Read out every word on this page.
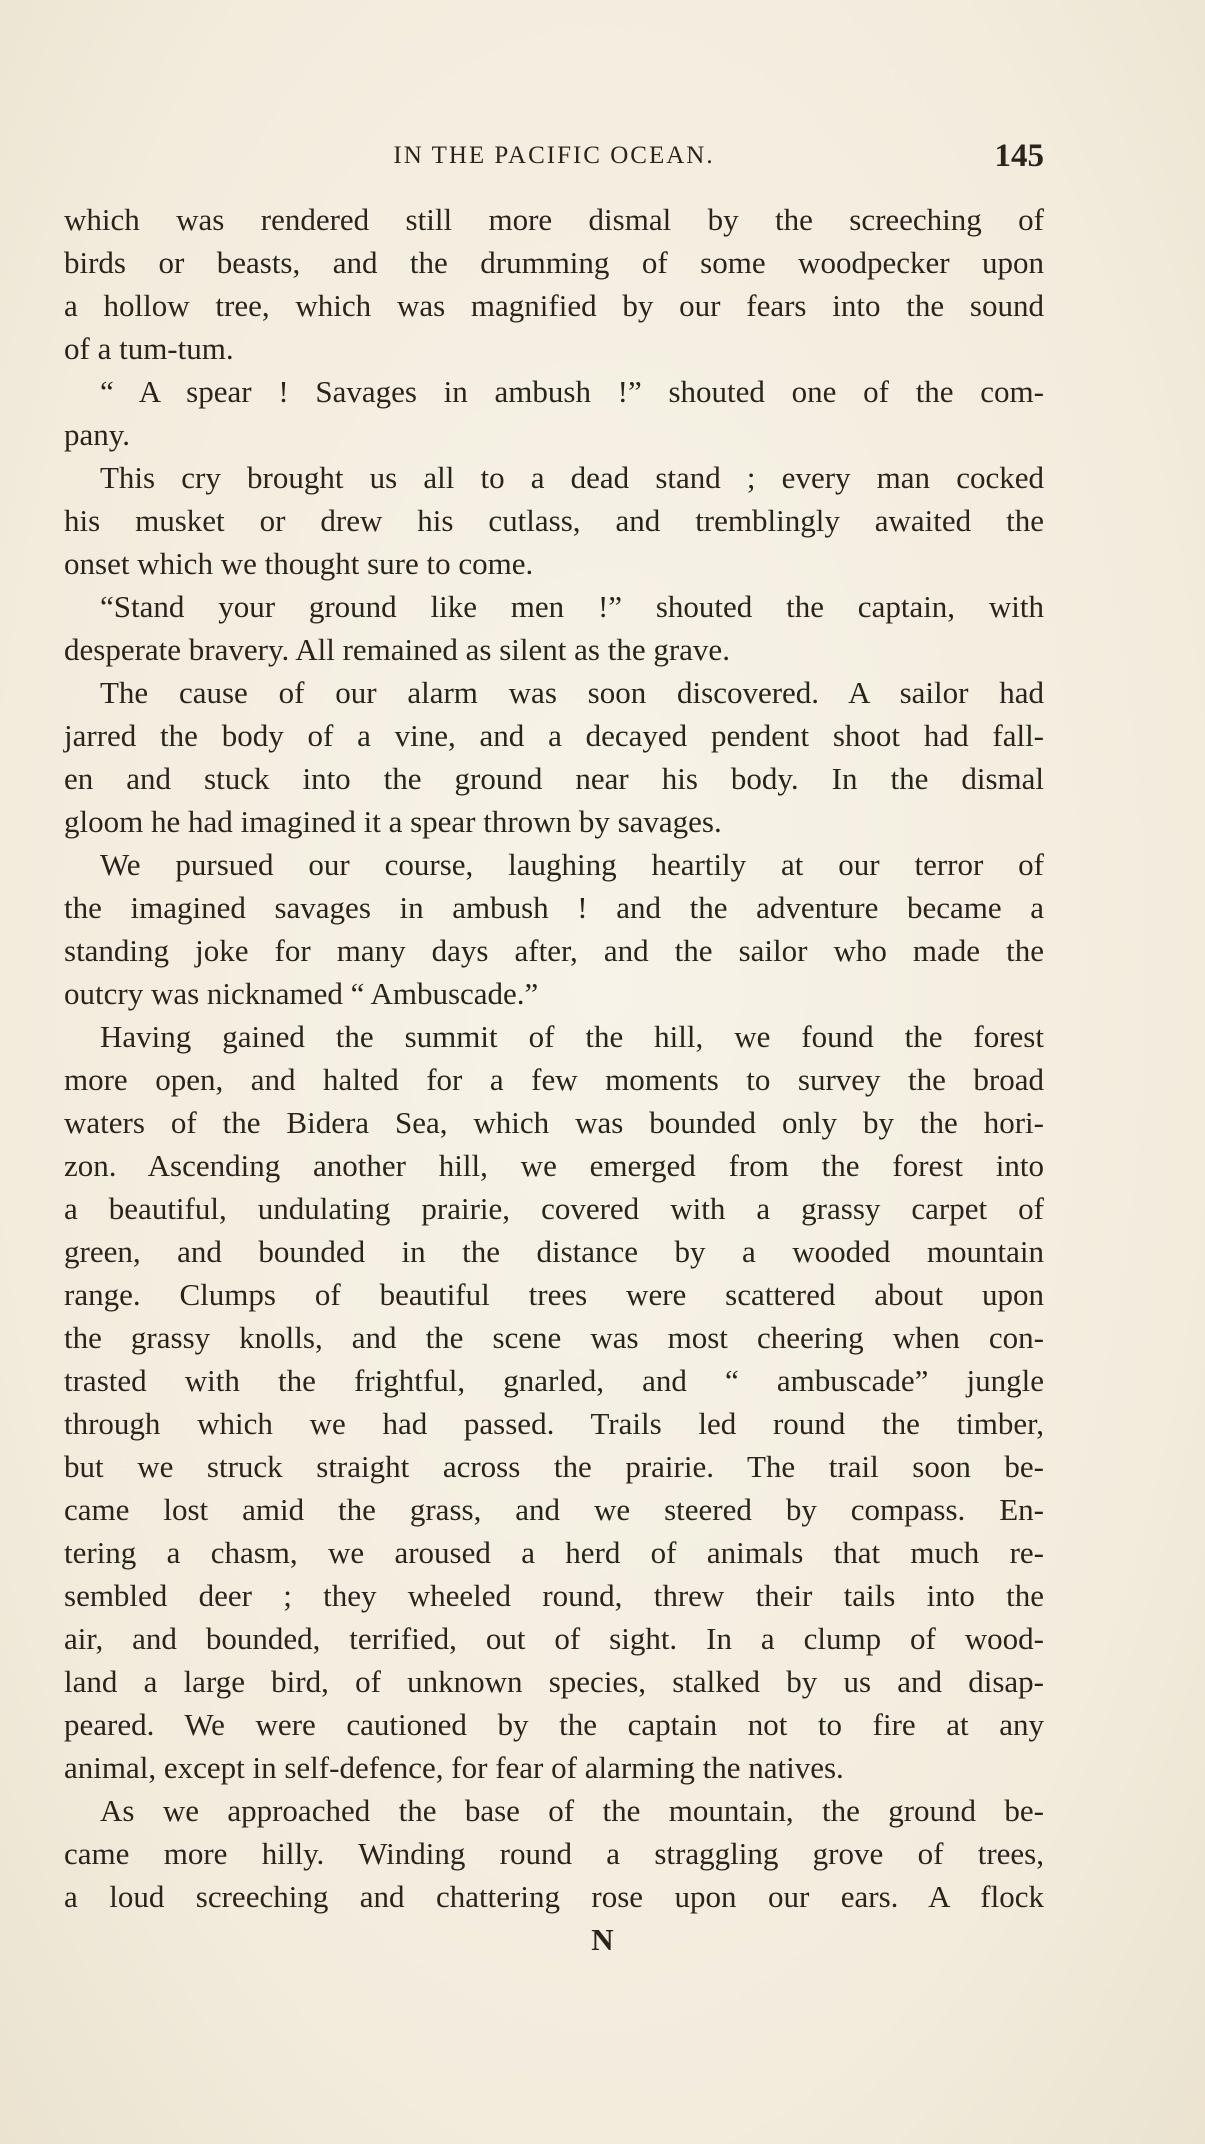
IN THE PACIFIC OCEAN.	145
which was rendered still more dismal by the screeching of
birds or beasts, and the drumming of some woodpecker upon
a hollow tree, which was magnified by our fears into the sound
of a tum-tum.
“ A spear ! Savages in ambush !” shouted one of the com-
pany.
This cry brought us all to a dead stand ; every man cocked
his musket or drew his cutlass, and tremblingly awaited the
onset which we thought sure to come.
“Stand your ground like men !” shouted the captain, with
desperate bravery. All remained as silent as the grave.
The cause of our alarm was soon discovered. A sailor had
jarred the body of a vine, and a decayed pendent shoot had fall-
en and stuck into the ground near his body. In the dismal
gloom he had imagined it a spear thrown by savages.
We pursued our course, laughing heartily at our terror of
the imagined savages in ambush ! and the adventure became a
standing joke for many days after, and the sailor who made the
outcry was nicknamed “ Ambuscade.”
Having gained the summit of the hill, we found the forest
more open, and halted for a few moments to survey the broad
waters of the Bidera Sea, which was bounded only by the hori-
zon. Ascending another hill, we emerged from the forest into
a beautiful, undulating prairie, covered with a grassy carpet of
green, and bounded in the distance by a wooded mountain
range. Clumps of beautiful trees were scattered about upon
the grassy knolls, and the scene was most cheering when con-
trasted with the frightful, gnarled, and “ ambuscade” jungle
through which we had passed. Trails led round the timber,
but we struck straight across the prairie. The trail soon be-
came lost amid the grass, and we steered by compass. En-
tering a chasm, we aroused a herd of animals that much re-
sembled deer ; they wheeled round, threw their tails into the
air, and bounded, terrified, out of sight. In a clump of wood-
land a large bird, of unknown species, stalked by us and disap-
peared. We were cautioned by the captain not to fire at any
animal, except in self-defence, for fear of alarming the natives.
As we approached the base of the mountain, the ground be-
came more hilly. Winding round a straggling grove of trees,
a loud screeching and chattering rose upon our ears. A flock
N
